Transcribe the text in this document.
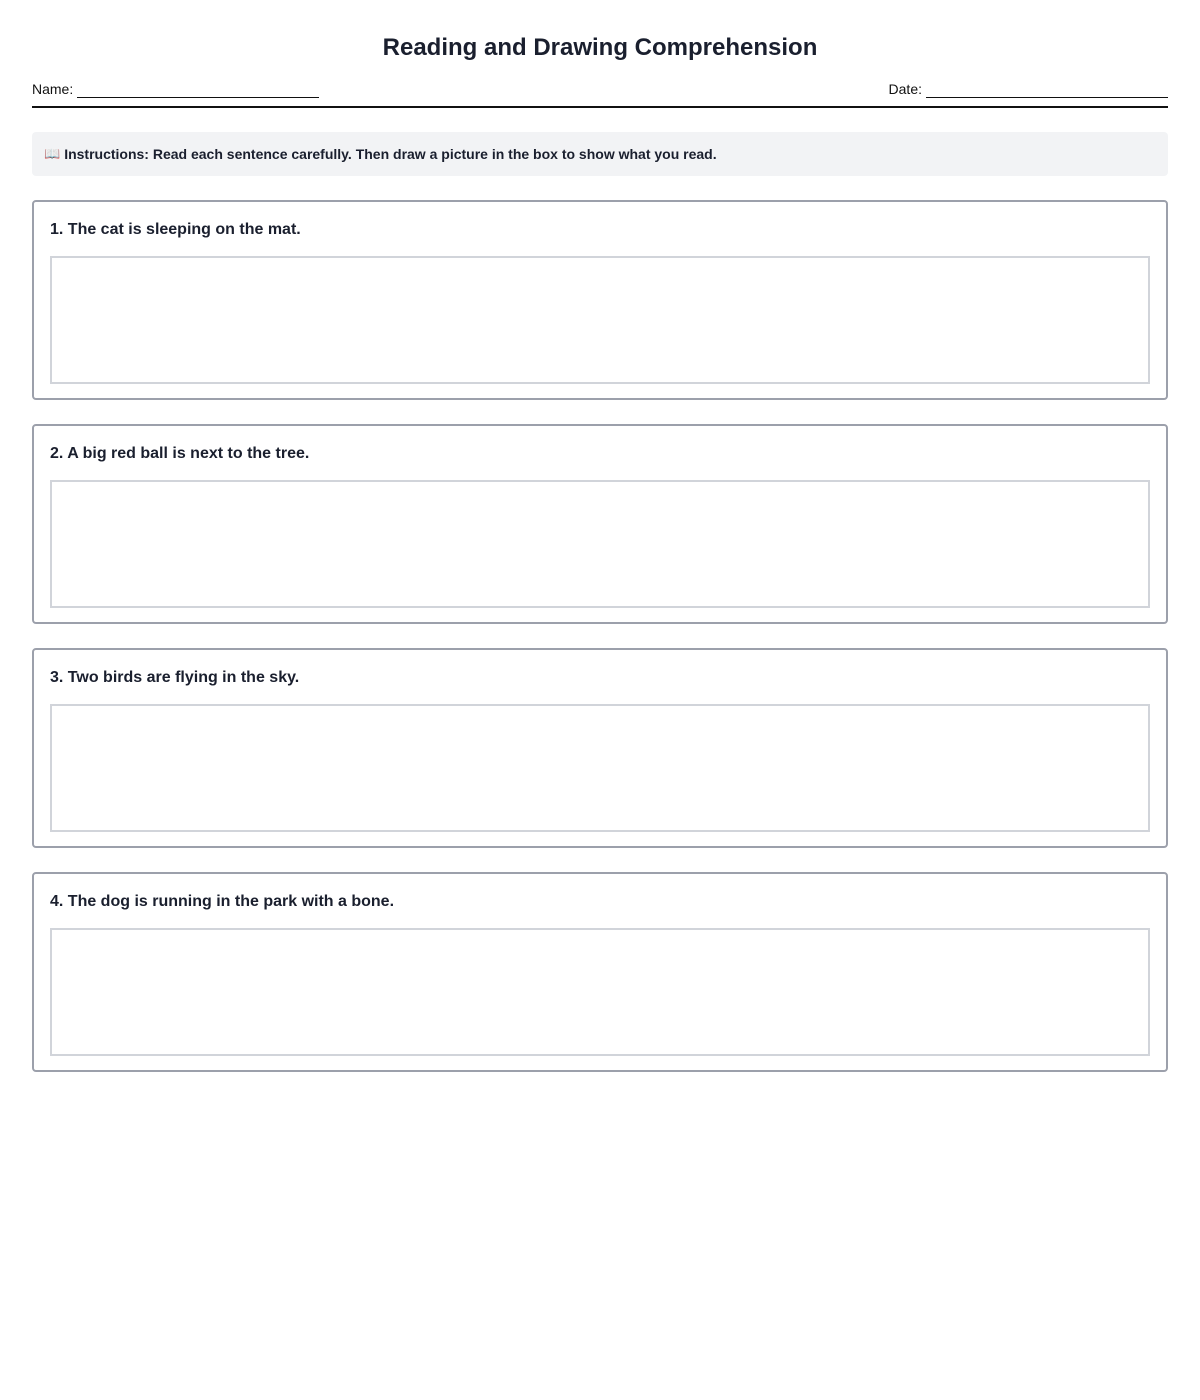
Reading and Drawing Comprehension
Name:	Date:
📖 Instructions: Read each sentence carefully. Then draw a picture in the box to show what you read.
1. The cat is sleeping on the mat.
2. A big red ball is next to the tree.
3. Two birds are flying in the sky.
4. The dog is running in the park with a bone.
